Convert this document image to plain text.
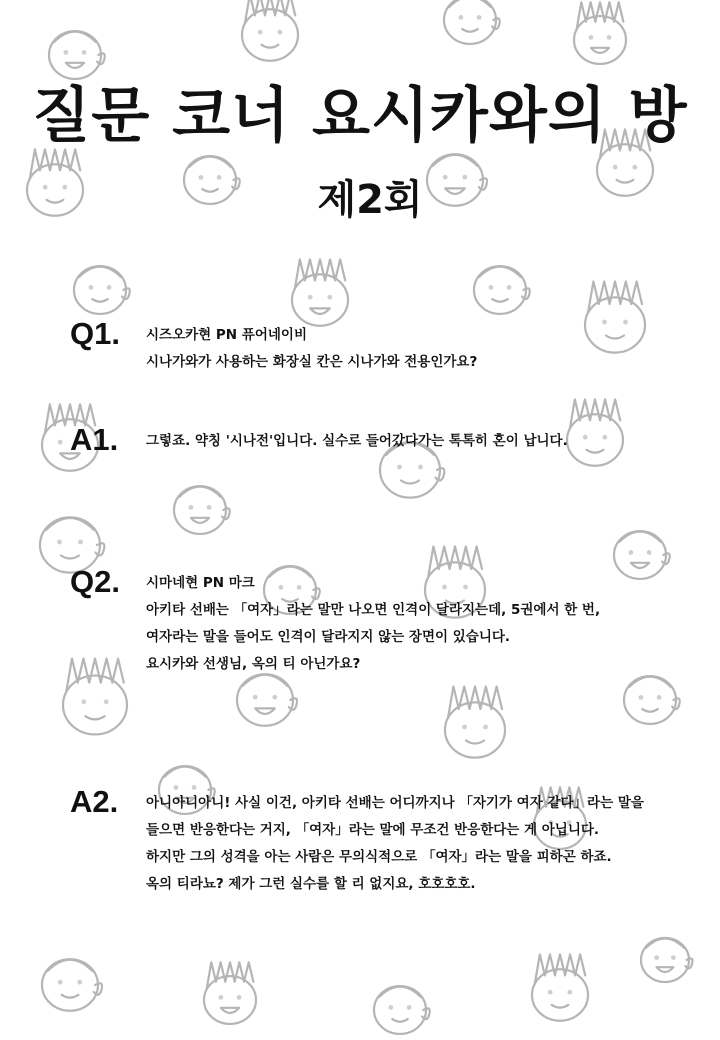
질문 코너 요시카와의 방
제2회
Q1. 시즈오카현 PN 퓨어네이비
시나가와가 사용하는 화장실 칸은 시나가와 전용인가요?
A1. 그렇죠. 약칭 '시나전'입니다. 실수로 들어갔다가는 톡톡히 혼이 납니다.
Q2. 시마네현 PN 마크
아키타 선배는 「여자」라는 말만 나오면 인격이 달라지는데, 5권에서 한 번,
여자라는 말을 들어도 인격이 달라지지 않는 장면이 있습니다.
요시카와 선생님, 옥의 티 아닌가요?
A2. 아니아니아니! 사실 이건, 아키타 선배는 어디까지나 「자기가 여자 같다」라는 말을
들으면 반응한다는 거지, 「여자」라는 말에 무조건 반응한다는 게 아닙니다.
하지만 그의 성격을 아는 사람은 무의식적으로 「여자」라는 말을 피하곤 하죠.
옥의 티라뇨? 제가 그런 실수를 할 리 없지요, 호호호호.
